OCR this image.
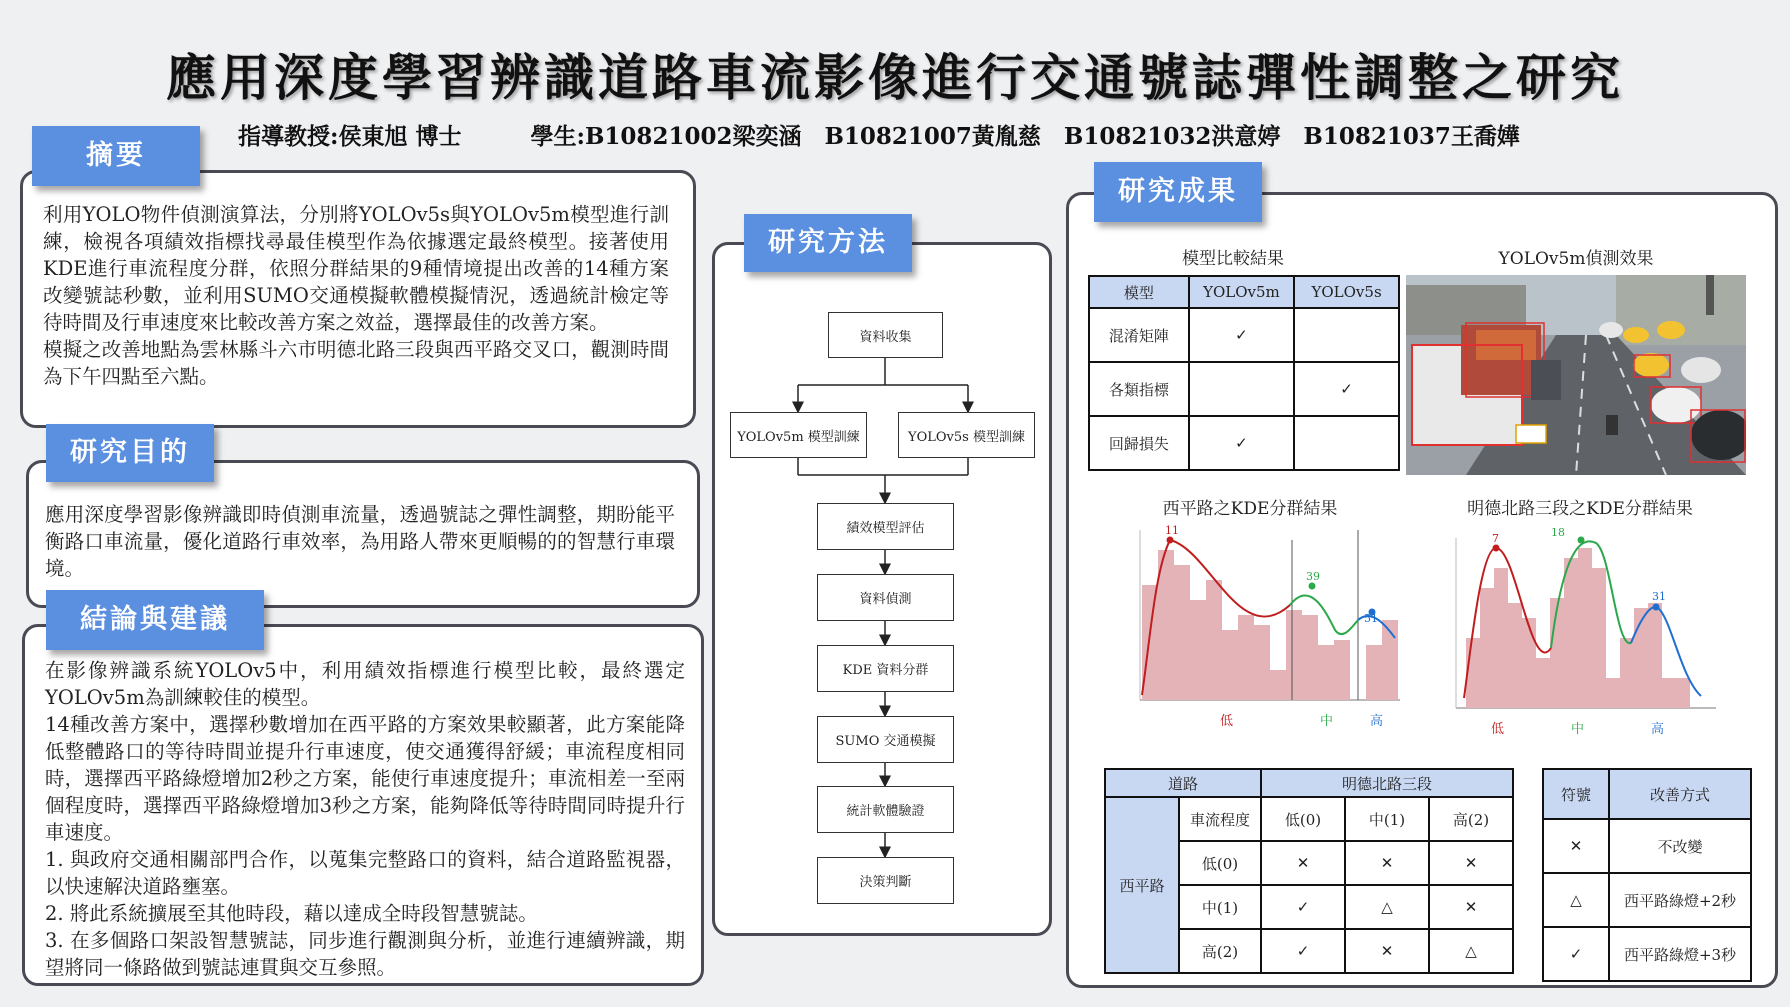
應用深度學習辨識道路車流影像進行交通號誌彈性調整之研究
指導教授:侯東旭 博士　　　學生:B10821002梁奕涵　B10821007黃胤慈　B10821032洪意婷　B10821037王喬嬅

利用YOLO物件偵測演算法，分別將YOLOv5s與YOLOv5m模型進行訓練，檢視各項績效指標找尋最佳模型作為依據選定最終模型。接著使用KDE進行車流程度分群，依照分群結果的9種情境提出改善的14種方案改變號誌秒數，並利用SUMO交通模擬軟體模擬情況，透過統計檢定等待時間及行車速度來比較改善方案之效益，選擇最佳的改善方案。

模擬之改善地點為雲林縣斗六市明德北路三段與西平路交叉口，觀測時間為下午四點至六點。

摘要
應用深度學習影像辨識即時偵測車流量，透過號誌之彈性調整，期盼能平衡路口車流量，優化道路行車效率，為用路人帶來更順暢的的智慧行車環境。
研究目的

在影像辨識系統YOLOv5中，利用績效指標進行模型比較，最終選定YOLOv5m為訓練較佳的模型。

14種改善方案中，選擇秒數增加在西平路的方案效果較顯著，此方案能降低整體路口的等待時間並提升行車速度，使交通獲得舒緩；車流程度相同時，選擇西平路綠燈增加2秒之方案，能使行車速度提升；車流相差一至兩個程度時，選擇西平路綠燈增加3秒之方案，能夠降低等待時間同時提升行車速度。

1. 與政府交通相關部門合作，以蒐集完整路口的資料，結合道路監視器，以快速解決道路壅塞。

2. 將此系統擴展至其他時段，藉以達成全時段智慧號誌。

3. 在多個路口架設智慧號誌，同步進行觀測與分析，並進行連續辨識，期望將同一條路做到號誌連貫與交互參照。

結論與建議
資料收集
YOLOv5m 模型訓練	YOLOv5s 模型訓練
績效模型評估
資料偵測
KDE 資料分群
SUMO 交通模擬
統計軟體驗證
決策判斷
研究方法
研究成果
模型比較結果	YOLOv5m偵測效果
模型	YOLOv5m	YOLOv5s
混淆矩陣	✓	
各類指標		✓
回歸損失	✓	
西平路之KDE分群結果	明德北路三段之KDE分群結果
11
39
51
低	中	高
7	18
31
低	中	高
道路		明德北路三段		
西平路	車流程度	低(0)	中(1)	高(2)
	低(0)	✕	✕	✕
	中(1)	✓	△	✕
	高(2)	✓	✕	△
符號	改善方式
✕	不改變
△	西平路綠燈+2秒
✓	西平路綠燈+3秒
